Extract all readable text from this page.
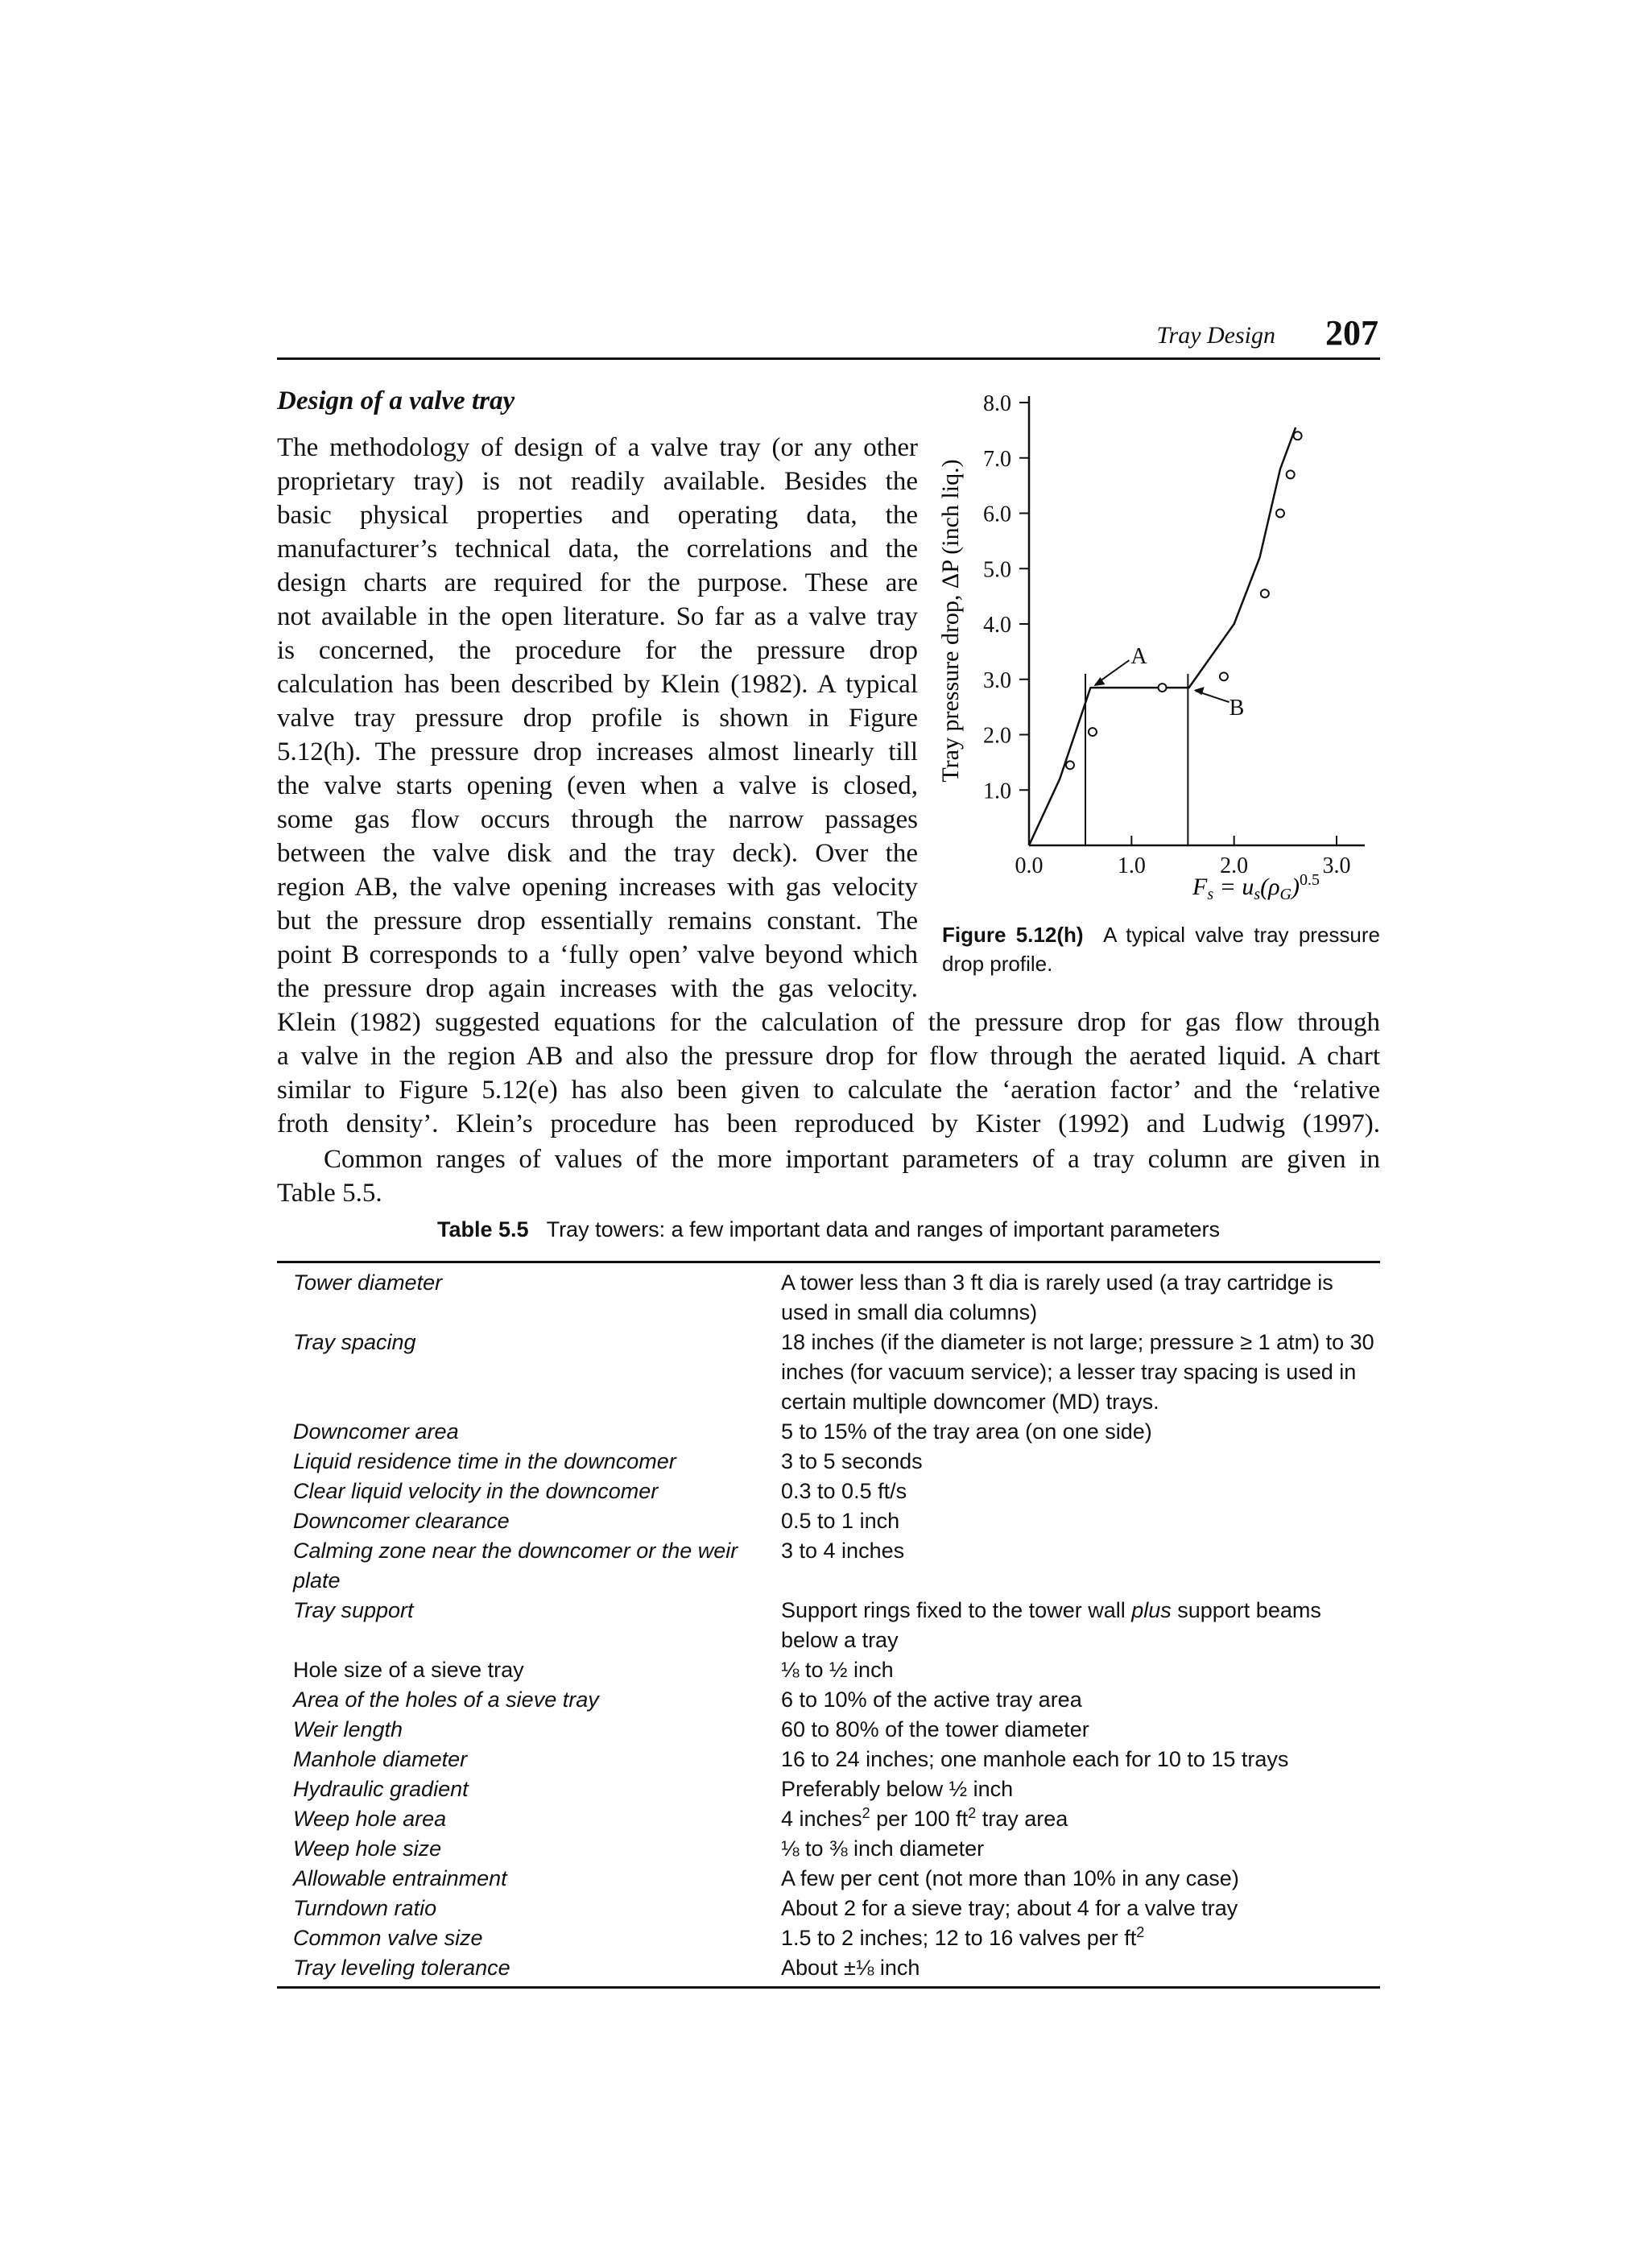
Tray Design 207
Design of a valve tray
The methodology of design of a valve tray (or any other
proprietary tray) is not readily available. Besides the
basic physical properties and operating data, the
manufacturer’s technical data, the correlations and the
design charts are required for the purpose. These are
not available in the open literature. So far as a valve tray
is concerned, the procedure for the pressure drop
calculation has been described by Klein (1982). A typical
valve tray pressure drop profile is shown in Figure
5.12(h). The pressure drop increases almost linearly till
the valve starts opening (even when a valve is closed,
some gas flow occurs through the narrow passages
between the valve disk and the tray deck). Over the
region AB, the valve opening increases with gas velocity
but the pressure drop essentially remains constant. The
point B corresponds to a ‘fully open’ valve beyond which
the pressure drop again increases with the gas velocity.
Klein (1982) suggested equations for the calculation of the pressure drop for gas flow through
a valve in the region AB and also the pressure drop for flow through the aerated liquid. A chart
similar to Figure 5.12(e) has also been given to calculate the ‘aeration factor’ and the ‘relative
froth density’. Klein’s procedure has been reproduced by Kister (1992) and Ludwig (1997).
Common ranges of values of the more important parameters of a tray column are given in
Table 5.5.
Tray pressure drop, ΔP (inch liq.)
$F_s = u_s(\rho_G)^{0.5}$
1.0
2.0
3.0
4.0
5.0
6.0
7.0
8.0
0.0	1.0	2.0	3.0
A
B
Figure 5.12(h) A typical valve tray pressure
drop profile.
Table 5.5 Tray towers: a few important data and ranges of important parameters
Tower diameter	A tower less than 3 ft dia is rarely used (a tray cartridge is used in small dia columns)
Tray spacing	18 inches (if the diameter is not large; pressure ≥ 1 atm) to 30 inches (for vacuum service); a lesser tray spacing is used in certain multiple downcomer (MD) trays.
Downcomer area	5 to 15% of the tray area (on one side)
Liquid residence time in the downcomer	3 to 5 seconds
Clear liquid velocity in the downcomer	0.3 to 0.5 ft/s
Downcomer clearance	0.5 to 1 inch
Calming zone near the downcomer or the weir plate	3 to 4 inches
Tray support	Support rings fixed to the tower wall plus support beams below a tray
Hole size of a sieve tray	⅛ to ½ inch
Area of the holes of a sieve tray	6 to 10% of the active tray area
Weir length	60 to 80% of the tower diameter
Manhole diameter	16 to 24 inches; one manhole each for 10 to 15 trays
Hydraulic gradient	Preferably below ½ inch
Weep hole area	4 inches$^2$ per 100 $ft^2$ tray area
Weep hole size	⅛ to ⅜ inch diameter
Allowable entrainment	A few per cent (not more than 10% in any case)
Turndown ratio	About 2 for a sieve tray; about 4 for a valve tray
Common valve size	1.5 to 2 inches; 12 to 16 valves per $ft^2$
Tray leveling tolerance	About ±⅛ inch
